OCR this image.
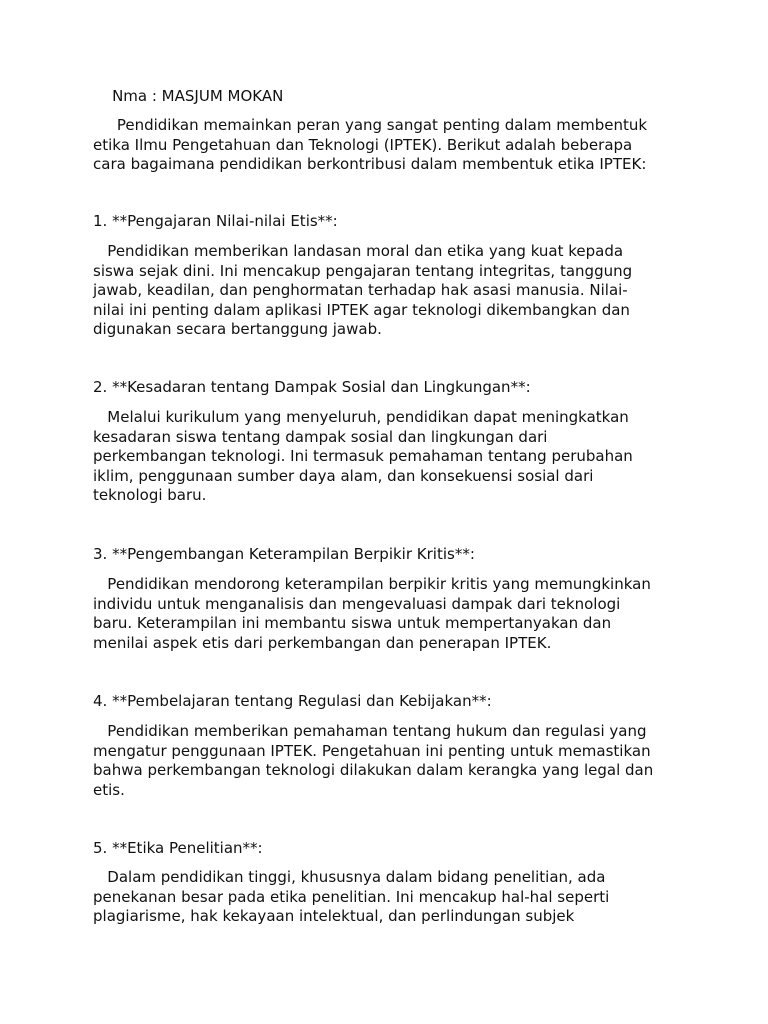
Nma : MASJUM MOKAN

Pendidikan memainkan peran yang sangat penting dalam membentuk
etika Ilmu Pengetahuan dan Teknologi (IPTEK). Berikut adalah beberapa
cara bagaimana pendidikan berkontribusi dalam membentuk etika IPTEK:

1. **Pengajaran Nilai-nilai Etis**:

Pendidikan memberikan landasan moral dan etika yang kuat kepada
siswa sejak dini. Ini mencakup pengajaran tentang integritas, tanggung
jawab, keadilan, dan penghormatan terhadap hak asasi manusia. Nilai-
nilai ini penting dalam aplikasi IPTEK agar teknologi dikembangkan dan
digunakan secara bertanggung jawab.

2. **Kesadaran tentang Dampak Sosial dan Lingkungan**:

Melalui kurikulum yang menyeluruh, pendidikan dapat meningkatkan
kesadaran siswa tentang dampak sosial dan lingkungan dari
perkembangan teknologi. Ini termasuk pemahaman tentang perubahan
iklim, penggunaan sumber daya alam, dan konsekuensi sosial dari
teknologi baru.

3. **Pengembangan Keterampilan Berpikir Kritis**:

Pendidikan mendorong keterampilan berpikir kritis yang memungkinkan
individu untuk menganalisis dan mengevaluasi dampak dari teknologi
baru. Keterampilan ini membantu siswa untuk mempertanyakan dan
menilai aspek etis dari perkembangan dan penerapan IPTEK.

4. **Pembelajaran tentang Regulasi dan Kebijakan**:

Pendidikan memberikan pemahaman tentang hukum dan regulasi yang
mengatur penggunaan IPTEK. Pengetahuan ini penting untuk memastikan
bahwa perkembangan teknologi dilakukan dalam kerangka yang legal dan
etis.

5. **Etika Penelitian**:

Dalam pendidikan tinggi, khususnya dalam bidang penelitian, ada
penekanan besar pada etika penelitian. Ini mencakup hal-hal seperti
plagiarisme, hak kekayaan intelektual, dan perlindungan subjek
